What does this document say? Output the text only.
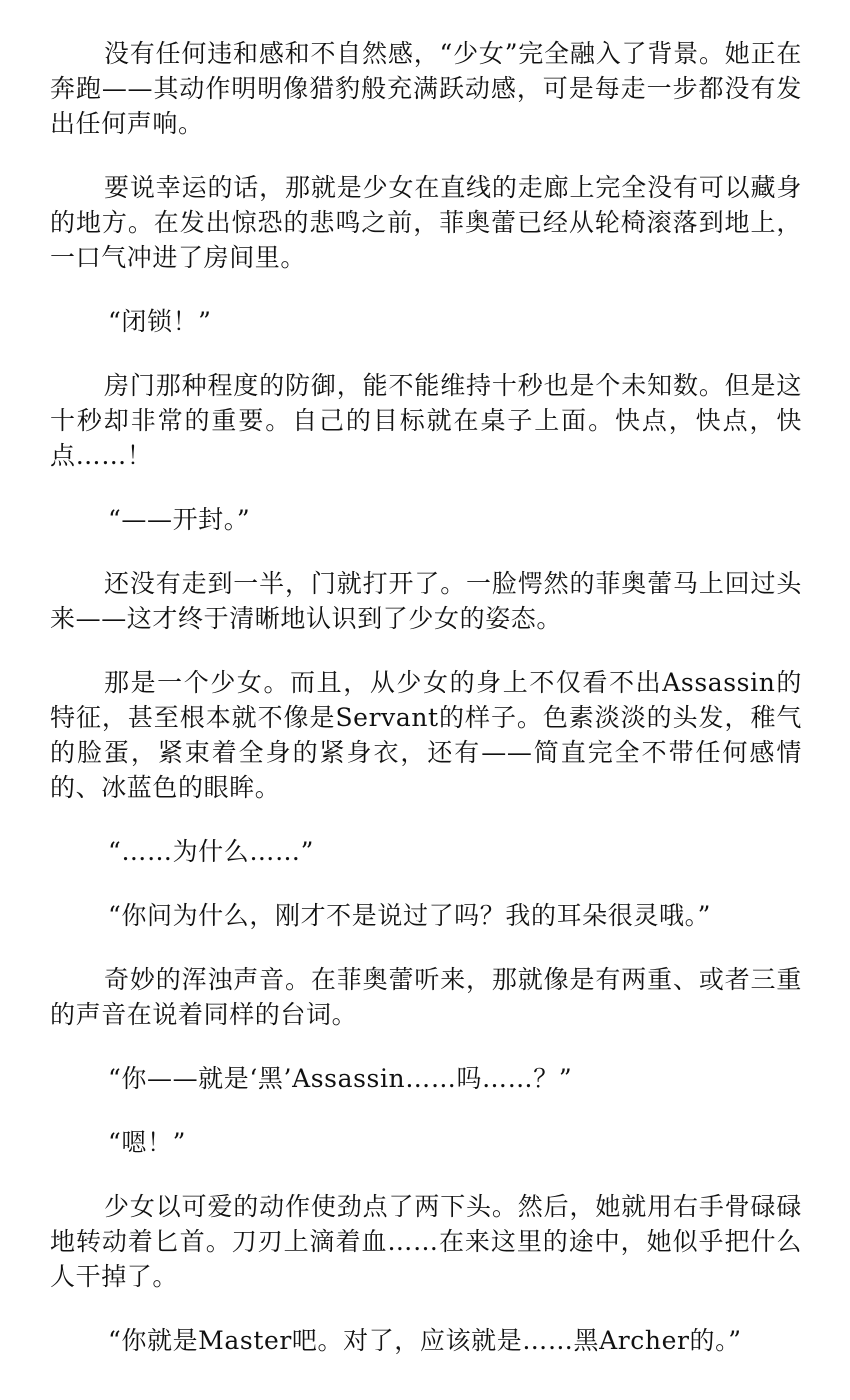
没有任何违和感和不自然感，“少女”完全融入了背景。她正在奔跑——其动作明明像猎豹般充满跃动感，可是每走一步都没有发出任何声响。

要说幸运的话，那就是少女在直线的走廊上完全没有可以藏身的地方。在发出惊恐的悲鸣之前，菲奥蕾已经从轮椅滚落到地上，一口气冲进了房间里。

“闭锁！”

房门那种程度的防御，能不能维持十秒也是个未知数。但是这十秒却非常的重要。自己的目标就在桌子上面。快点，快点，快点……！

“——开封。”

还没有走到一半，门就打开了。一脸愕然的菲奥蕾马上回过头来——这才终于清晰地认识到了少女的姿态。

那是一个少女。而且，从少女的身上不仅看不出Assassin的特征，甚至根本就不像是Servant的样子。色素淡淡的头发，稚气的脸蛋，紧束着全身的紧身衣，还有——简直完全不带任何感情的、冰蓝色的眼眸。

“……为什么……”

“你问为什么，刚才不是说过了吗？我的耳朵很灵哦。”

奇妙的浑浊声音。在菲奥蕾听来，那就像是有两重、或者三重的声音在说着同样的台词。

“你——就是‘黑’Assassin……吗……？”

“嗯！”

少女以可爱的动作使劲点了两下头。然后，她就用右手骨碌碌地转动着匕首。刀刃上滴着血……在来这里的途中，她似乎把什么人干掉了。

“你就是Master吧。对了，应该就是……黑Archer的。”
